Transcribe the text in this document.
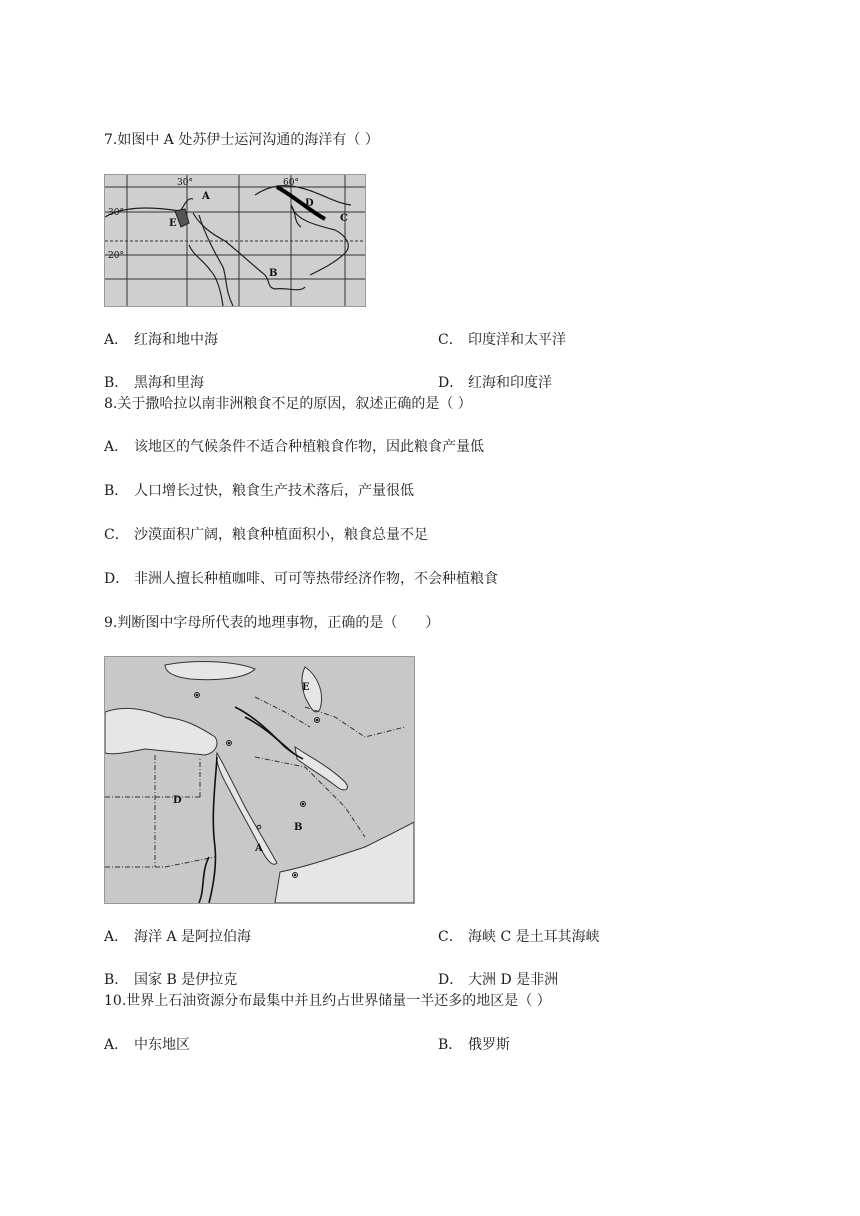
7.如图中 A 处苏伊士运河沟通的海洋有（ ）
30°	60°
30°
20°
A
B
C
D
E
A． 红海和地中海	C． 印度洋和太平洋
B． 黑海和里海	D． 红海和印度洋
8.关于撒哈拉以南非洲粮食不足的原因，叙述正确的是（ ）
A． 该地区的气候条件不适合种植粮食作物，因此粮食产量低
B． 人口增长过快，粮食生产技术落后，产量很低
C． 沙漠面积广阔，粮食种植面积小，粮食总量不足
D． 非洲人擅长种植咖啡、可可等热带经济作物，不会种植粮食
9.判断图中字母所代表的地理事物，正确的是（　　）
A
B
D
E
A． 海洋 A 是阿拉伯海	C． 海峡 C 是土耳其海峡
B． 国家 B 是伊拉克	D． 大洲 D 是非洲
10.世界上石油资源分布最集中并且约占世界储量一半还多的地区是（ ）
A． 中东地区	B． 俄罗斯
